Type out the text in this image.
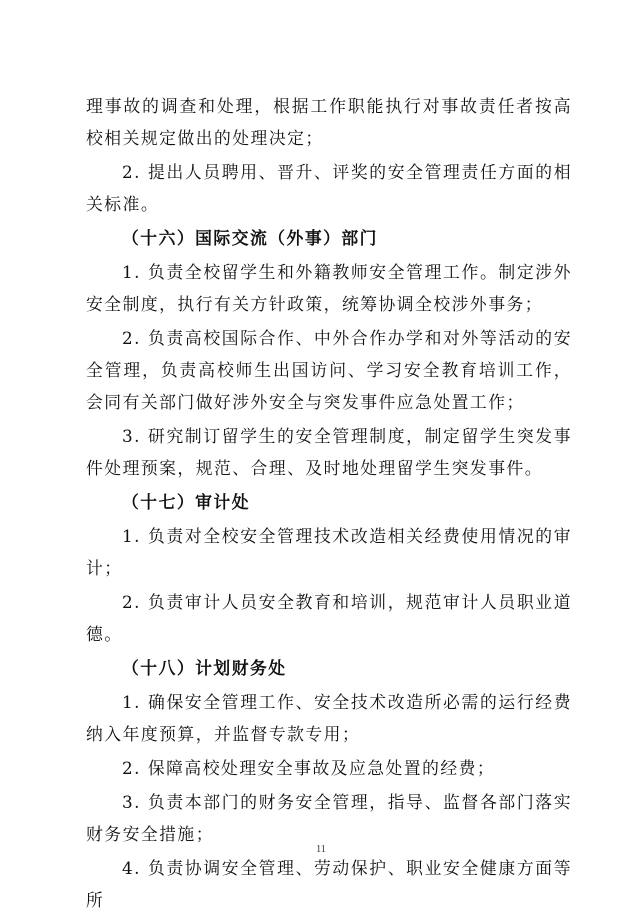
理事故的调查和处理，根据工作职能执行对事故责任者按高校相关规定做出的处理决定；

2. 提出人员聘用、晋升、评奖的安全管理责任方面的相关标准。

（十六）国际交流（外事）部门

1. 负责全校留学生和外籍教师安全管理工作。制定涉外安全制度，执行有关方针政策，统筹协调全校涉外事务；

2. 负责高校国际合作、中外合作办学和对外等活动的安全管理，负责高校师生出国访问、学习安全教育培训工作，会同有关部门做好涉外安全与突发事件应急处置工作；

3. 研究制订留学生的安全管理制度，制定留学生突发事件处理预案，规范、合理、及时地处理留学生突发事件。

（十七）审计处

1. 负责对全校安全管理技术改造相关经费使用情况的审计；

2. 负责审计人员安全教育和培训，规范审计人员职业道德。

（十八）计划财务处

1. 确保安全管理工作、安全技术改造所必需的运行经费纳入年度预算，并监督专款专用；

2. 保障高校处理安全事故及应急处置的经费；

3. 负责本部门的财务安全管理，指导、监督各部门落实财务安全措施；

4. 负责协调安全管理、劳动保护、职业安全健康方面等所

11
